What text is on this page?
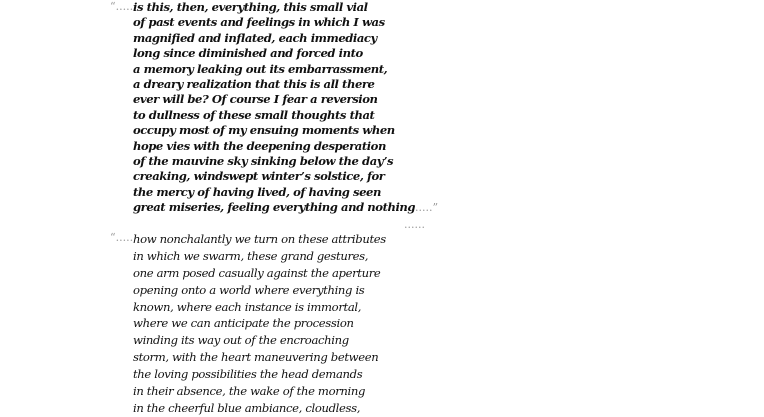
“..... is this, then, everything, this small vial
of past events and feelings in which I was
magnified and inflated, each immediacy
long since diminished and forced into
a memory leaking out its embarrassment,
a dreary realization that this is all there
ever will be? Of course I fear a reversion
to dullness of these small thoughts that
occupy most of my ensuing moments when
hope vies with the deepening desperation
of the mauvine sky sinking below the day’s
creaking, windswept winter’s solstice, for
the mercy of having lived, of having seen
great miseries, feeling everything and nothing.....”
......
“..... how nonchalantly we turn on these attributes
in which we swarm, these grand gestures,
one arm posed casually against the aperture
opening onto a world where everything is
known, where each instance is immortal,
where we can anticipate the procession
winding its way out of the encroaching
storm, with the heart maneuvering between
the loving possibilities the head demands
in their absence, the wake of the morning
in the cheerful blue ambiance, cloudless,
